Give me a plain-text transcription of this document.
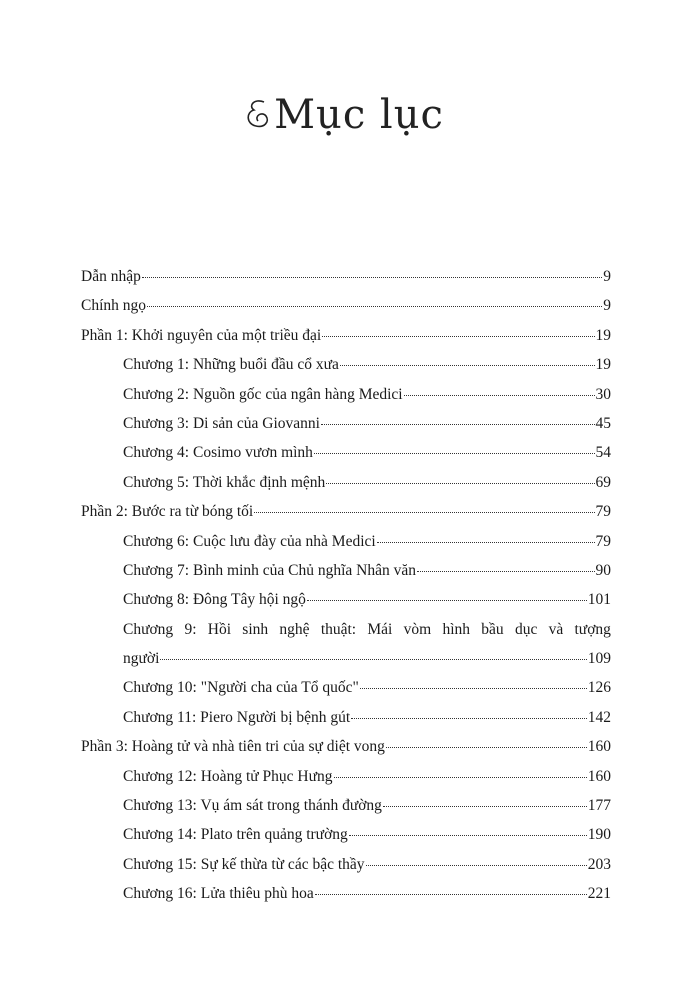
Mục lục
Dẫn nhập	9
Chính ngọ	9
Phần 1: Khởi nguyên của một triều đại	19
Chương 1: Những buổi đầu cổ xưa	19
Chương 2: Nguồn gốc của ngân hàng Medici	30
Chương 3: Di sản của Giovanni	45
Chương 4: Cosimo vươn mình	54
Chương 5: Thời khắc định mệnh	69
Phần 2: Bước ra từ bóng tối	79
Chương 6: Cuộc lưu đày của nhà Medici	79
Chương 7: Bình minh của Chủ nghĩa Nhân văn	90
Chương 8: Đông Tây hội ngộ	101
Chương 9: Hồi sinh nghệ thuật: Mái vòm hình bầu dục và tượng
người	109
Chương 10: "Người cha của Tổ quốc"	126
Chương 11: Piero Người bị bệnh gút	142
Phần 3: Hoàng tử và nhà tiên tri của sự diệt vong	160
Chương 12: Hoàng tử Phục Hưng	160
Chương 13: Vụ ám sát trong thánh đường	177
Chương 14: Plato trên quảng trường	190
Chương 15: Sự kế thừa từ các bậc thầy	203
Chương 16: Lửa thiêu phù hoa	221
